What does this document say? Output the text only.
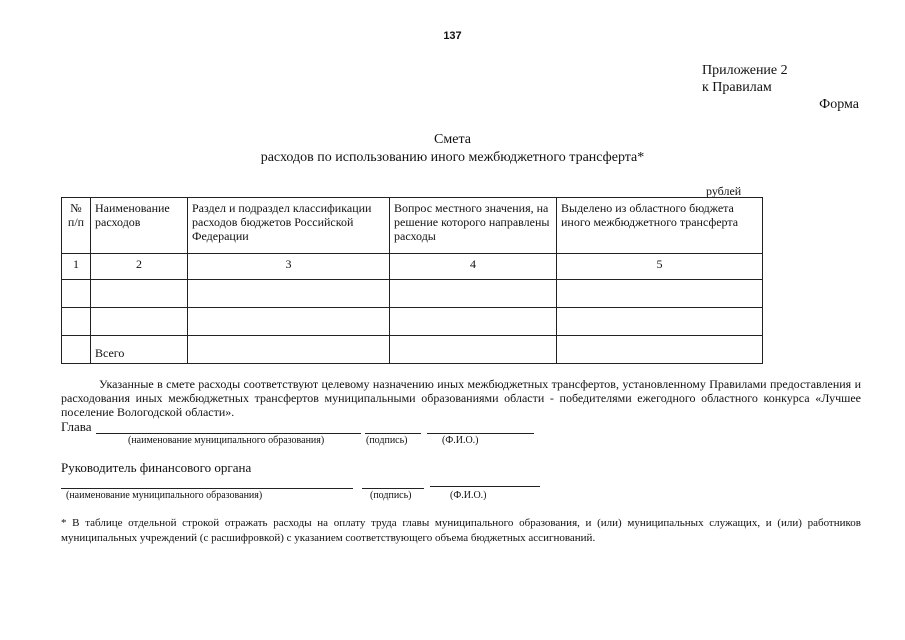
137
Приложение 2
к Правилам
Форма
Смета
расходов по использованию иного межбюджетного трансферта*
рублей
№ п/п	Наименование расходов	Раздел и подраздел классификации расходов бюджетов Российской Федерации	Вопрос местного значения, на решение которого направлены расходы	Выделено из областного бюджета иного межбюджетного трансферта
1	2	3	4	5

	Всего			
Указанные в смете расходы соответствуют целевому назначению иных межбюджетных трансфертов, установленному Правилами предоставления и расходования иных межбюджетных трансфертов муниципальными образованиями области - победителями ежегодного областного конкурса «Лучшее поселение Вологодской области».
Глава
(наименование муниципального образования)	(подпись)	(Ф.И.О.)
Руководитель финансового органа
(наименование муниципального образования)	(подпись)	(Ф.И.О.)
* В таблице отдельной строкой отражать расходы на оплату труда главы муниципального образования, и (или) муниципальных служащих, и (или) работников муниципальных учреждений (с расшифровкой) с указанием соответствующего объема бюджетных ассигнований.
